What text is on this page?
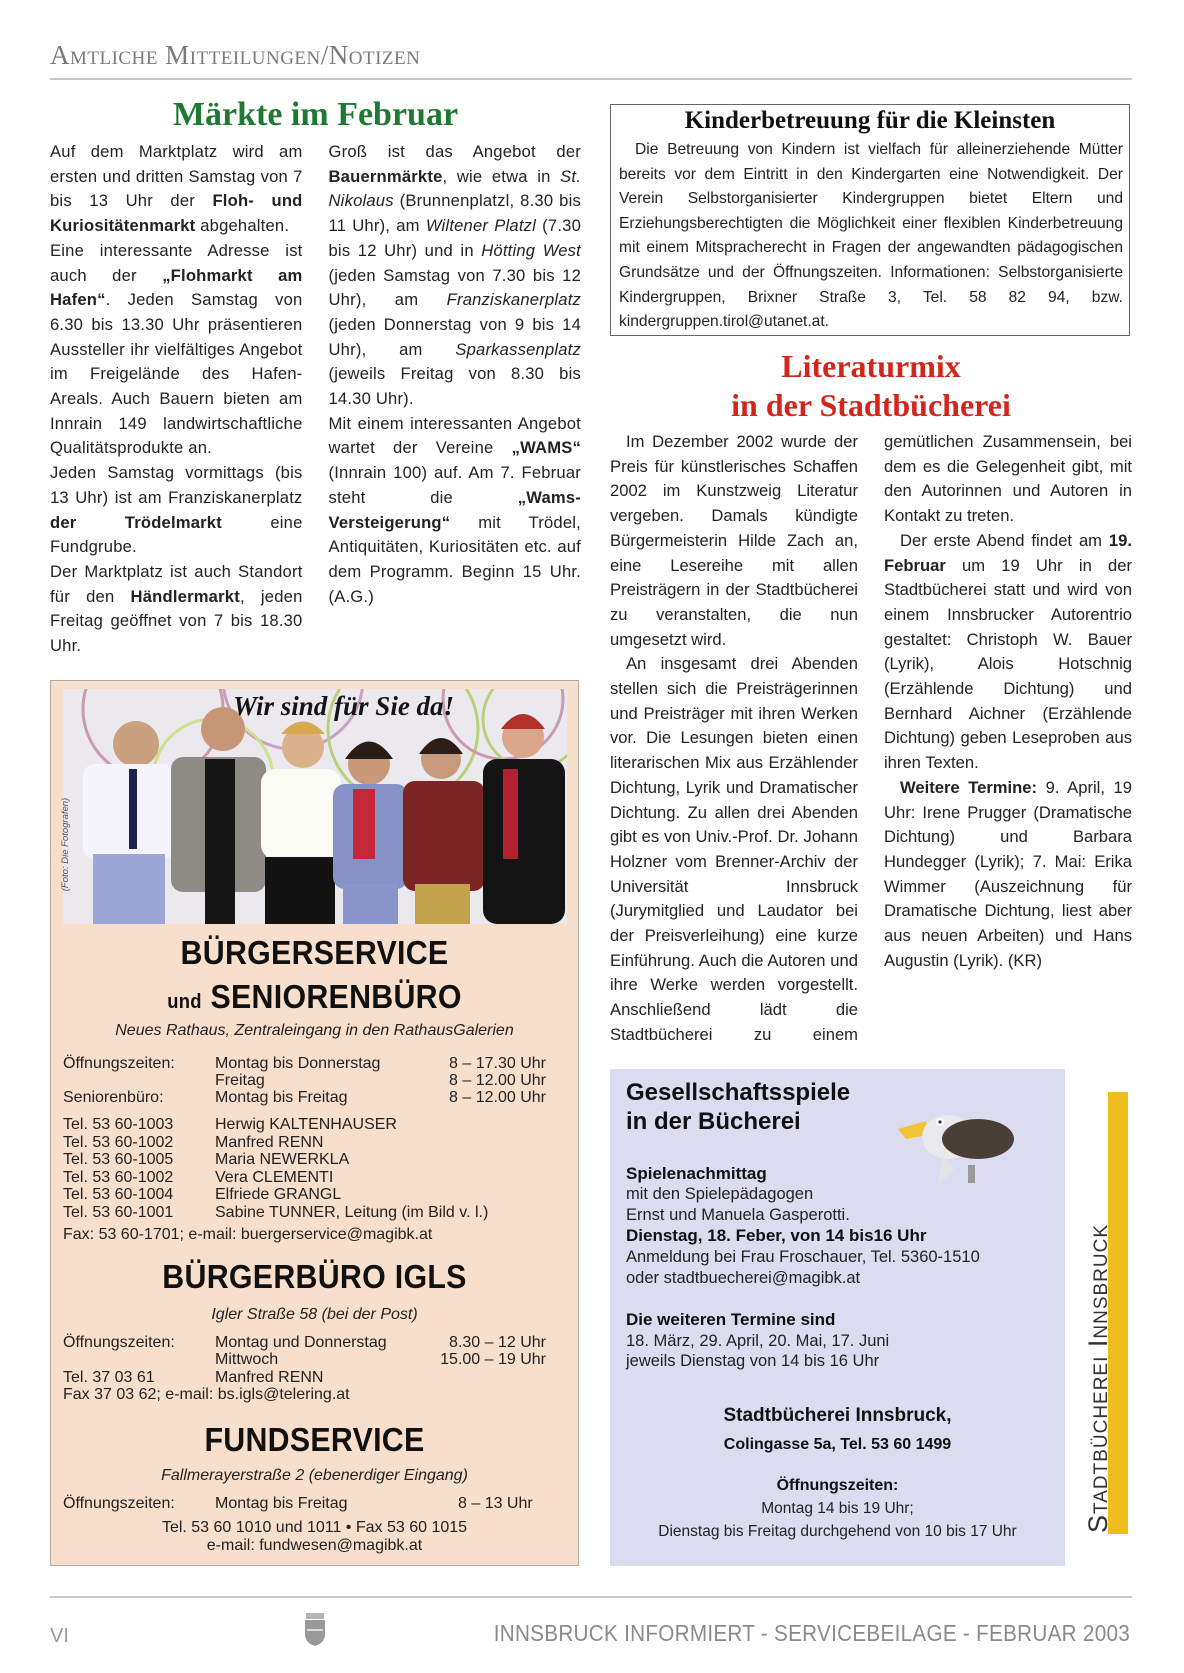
Amtliche Mitteilungen/Notizen
Märkte im Februar

Auf dem Marktplatz wird am ersten und dritten Samstag von 7 bis 13 Uhr der Floh- und Kuriositätenmarkt abgehalten.

Eine interessante Adresse ist auch der „Flohmarkt am Hafen“. Jeden Samstag von 6.30 bis 13.30 Uhr präsentieren Aussteller ihr vielfältiges Angebot im Freigelände des Hafen-Areals. Auch Bauern bieten am Innrain 149 landwirtschaftliche Qualitätsprodukte an.

Jeden Samstag vormittags (bis 13 Uhr) ist am Franziskanerplatz der Trödelmarkt eine Fundgrube.

Der Marktplatz ist auch Standort für den Händlermarkt, jeden Freitag geöffnet von 7 bis 18.30 Uhr.

Groß ist das Angebot der Bauernmärkte, wie etwa in St. Nikolaus (Brunnenplatzl, 8.30 bis 11 Uhr), am Wiltener Platzl (7.30 bis 12 Uhr) und in Hötting West (jeden Samstag von 7.30 bis 12 Uhr), am Franziskanerplatz (jeden Donnerstag von 9 bis 14 Uhr), am Sparkassenplatz (jeweils Freitag von 8.30 bis 14.30 Uhr).

Mit einem interessanten Angebot wartet der Vereine „WAMS“ (Innrain 100) auf. Am 7. Februar steht die „Wams-Versteigerung“ mit Trödel, Antiquitäten, Kuriositäten etc. auf dem Programm. Beginn 15 Uhr. (A.G.)

Kinderbetreuung für die Kleinsten

Die Betreuung von Kindern ist vielfach für alleinerziehende Mütter bereits vor dem Eintritt in den Kindergarten eine Notwendigkeit. Der Verein Selbstorganisierter Kindergruppen bietet Eltern und Erziehungsberechtigten die Möglichkeit einer flexiblen Kinderbetreuung mit einem Mitspracherecht in Fragen der angewandten pädagogischen Grundsätze und der Öffnungszeiten. Informationen: Selbstorganisierte Kindergruppen, Brixner Straße 3, Tel. 58 82 94, bzw. kindergruppen.tirol@utanet.at.

Literaturmix
in der Stadtbücherei

Im Dezember 2002 wurde der Preis für künstlerisches Schaffen 2002 im Kunstzweig Literatur vergeben. Damals kündigte Bürgermeisterin Hilde Zach an, eine Lesereihe mit allen Preisträgern in der Stadtbücherei zu veranstalten, die nun umgesetzt wird.

An insgesamt drei Abenden stellen sich die Preisträgerinnen und Preisträger mit ihren Werken vor. Die Lesungen bieten einen literarischen Mix aus Erzählender Dichtung, Lyrik und Dramatischer Dichtung. Zu allen drei Abenden gibt es von Univ.-Prof. Dr. Johann Holzner vom Brenner-Archiv der Universität Innsbruck (Jurymitglied und Laudator bei der Preisverleihung) eine kurze Einführung. Auch die Autoren und ihre Werke werden vorgestellt. Anschließend lädt die Stadtbücherei zu einem gemütlichen Zusammensein, bei dem es die Gelegenheit gibt, mit den Autorinnen und Autoren in Kontakt zu treten.

Der erste Abend findet am 19. Februar um 19 Uhr in der Stadtbücherei statt und wird von einem Innsbrucker Autorentrio gestaltet: Christoph W. Bauer (Lyrik), Alois Hotschnig (Erzählende Dichtung) und Bernhard Aichner (Erzählende Dichtung) geben Leseproben aus ihren Texten.

Weitere Termine: 9. April, 19 Uhr: Irene Prugger (Dramatische Dichtung) und Barbara Hundegger (Lyrik); 7. Mai: Erika Wimmer (Auszeichnung für Dramatische Dichtung, liest aber aus neuen Arbeiten) und Hans Augustin (Lyrik). (KR)

Wir sind für Sie da!
(Foto: Die Fotografen)
BÜRGERSERVICE
und SENIORENBÜRO
Neues Rathaus, Zentraleingang in den RathausGalerien
Öffnungszeiten:	Montag bis Donnerstag	8 – 17.30 Uhr
Freitag	8 – 12.00 Uhr
Seniorenbüro:	Montag bis Freitag	8 – 12.00 Uhr
Tel. 53 60-1003	Herwig KALTENHAUSER
Tel. 53 60-1002	Manfred RENN
Tel. 53 60-1005	Maria NEWERKLA
Tel. 53 60-1002	Vera CLEMENTI
Tel. 53 60-1004	Elfriede GRANGL
Tel. 53 60-1001	Sabine TUNNER, Leitung (im Bild v. l.)
Fax: 53 60-1701; e-mail: buergerservice@magibk.at
BÜRGERBÜRO IGLS
Igler Straße 58 (bei der Post)
Öffnungszeiten:	Montag und Donnerstag	8.30 – 12 Uhr
Mittwoch	15.00 – 19 Uhr
Tel. 37 03 61	Manfred RENN
Fax 37 03 62; e-mail: bs.igls@telering.at
FUNDSERVICE
Fallmerayerstraße 2 (ebenerdiger Eingang)
Öffnungszeiten:	Montag bis Freitag	8 – 13 Uhr
Tel. 53 60 1010 und 1011 • Fax 53 60 1015
e-mail: fundwesen@magibk.at
Gesellschaftsspiele
in der Bücherei
Spielenachmittag
mit den Spielepädagogen
Ernst und Manuela Gasperotti.
Dienstag, 18. Feber, von 14 bis16 Uhr
Anmeldung bei Frau Froschauer, Tel. 5360-1510
oder stadtbuecherei@magibk.at
Die weiteren Termine sind
18. März, 29. April, 20. Mai, 17. Juni
jeweils Dienstag von 14 bis 16 Uhr
Stadtbücherei Innsbruck,
Colingasse 5a, Tel. 53 60 1499
Öffnungszeiten:
Montag 14 bis 19 Uhr;
Dienstag bis Freitag durchgehend von 10 bis 17 Uhr	Stadtbücherei Innsbruck
VI	INNSBRUCK INFORMIERT - SERVICEBEILAGE - FEBRUAR 2003
